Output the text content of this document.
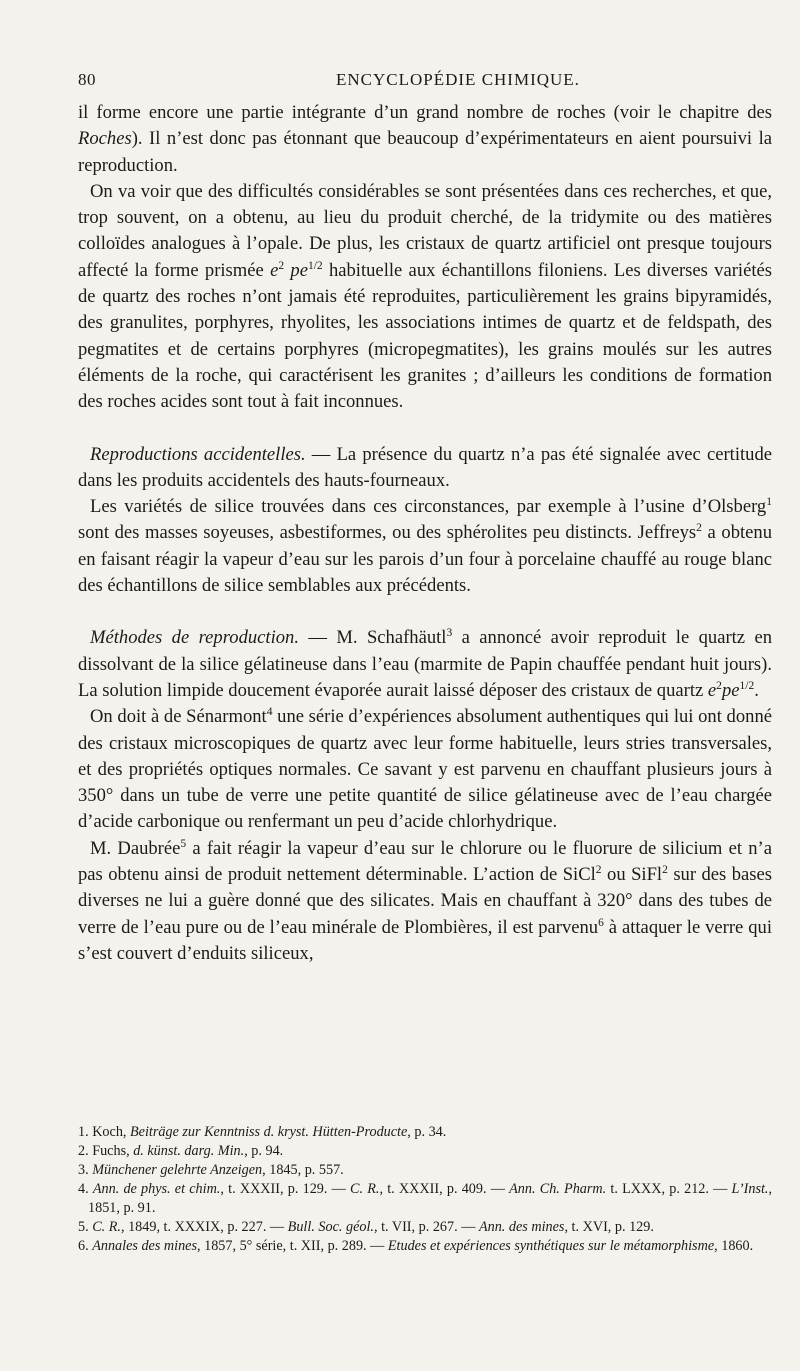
80	ENCYCLOPÉDIE CHIMIQUE.

il forme encore une partie intégrante d’un grand nombre de roches (voir le chapitre des Roches). Il n’est donc pas étonnant que beaucoup d’expérimentateurs en aient poursuivi la reproduction.

On va voir que des difficultés considérables se sont présentées dans ces recherches, et que, trop souvent, on a obtenu, au lieu du produit cherché, de la tridymite ou des matières colloïdes analogues à l’opale. De plus, les cristaux de quartz artificiel ont presque toujours affecté la forme prismée $e^2$ $pe^{1/2}$ habituelle aux échantillons filoniens. Les diverses variétés de quartz des roches n’ont jamais été reproduites, particulièrement les grains bipyramidés, des granulites, porphyres, rhyolites, les associations intimes de quartz et de feldspath, des pegmatites et de certains porphyres (micropegmatites), les grains moulés sur les autres éléments de la roche, qui caractérisent les granites ; d’ailleurs les conditions de formation des roches acides sont tout à fait inconnues.

Reproductions accidentelles. — La présence du quartz n’a pas été signalée avec certitude dans les produits accidentels des hauts-fourneaux.

Les variétés de silice trouvées dans ces circonstances, par exemple à l’usine d’Olsberg$^1$ sont des masses soyeuses, asbestiformes, ou des sphérolites peu distincts. Jeffreys$^2$ a obtenu en faisant réagir la vapeur d’eau sur les parois d’un four à porcelaine chauffé au rouge blanc des échantillons de silice semblables aux précédents.

Méthodes de reproduction. — M. Schafhäutl$^3$ a annoncé avoir reproduit le quartz en dissolvant de la silice gélatineuse dans l’eau (marmite de Papin chauffée pendant huit jours). La solution limpide doucement évaporée aurait laissé déposer des cristaux de quartz $e^2pe^{1/2}$.

On doit à de Sénarmont$^4$ une série d’expériences absolument authentiques qui lui ont donné des cristaux microscopiques de quartz avec leur forme habituelle, leurs stries transversales, et des propriétés optiques normales. Ce savant y est parvenu en chauffant plusieurs jours à 350° dans un tube de verre une petite quantité de silice gélatineuse avec de l’eau chargée d’acide carbonique ou renfermant un peu d’acide chlorhydrique.

M. Daubrée$^5$ a fait réagir la vapeur d’eau sur le chlorure ou le fluorure de silicium et n’a pas obtenu ainsi de produit nettement déterminable. L’action de SiCl$^2$ ou SiFl$^2$ sur des bases diverses ne lui a guère donné que des silicates. Mais en chauffant à 320° dans des tubes de verre de l’eau pure ou de l’eau minérale de Plombières, il est parvenu$^6$ à attaquer le verre qui s’est couvert d’enduits siliceux,

1. Koch, Beiträge zur Kenntniss d. kryst. Hütten-Producte, p. 34.

2. Fuchs, d. künst. darg. Min., p. 94.

3. Münchener gelehrte Anzeigen, 1845, p. 557.

4. Ann. de phys. et chim., t. XXXII, p. 129. — C. R., t. XXXII, p. 409. — Ann. Ch. Pharm. t. LXXX, p. 212. — L’Inst., 1851, p. 91.

5. C. R., 1849, t. XXXIX, p. 227. — Bull. Soc. géol., t. VII, p. 267. — Ann. des mines, t. XVI, p. 129.

6. Annales des mines, 1857, 5° série, t. XII, p. 289. — Etudes et expériences synthétiques sur le métamorphisme, 1860.
